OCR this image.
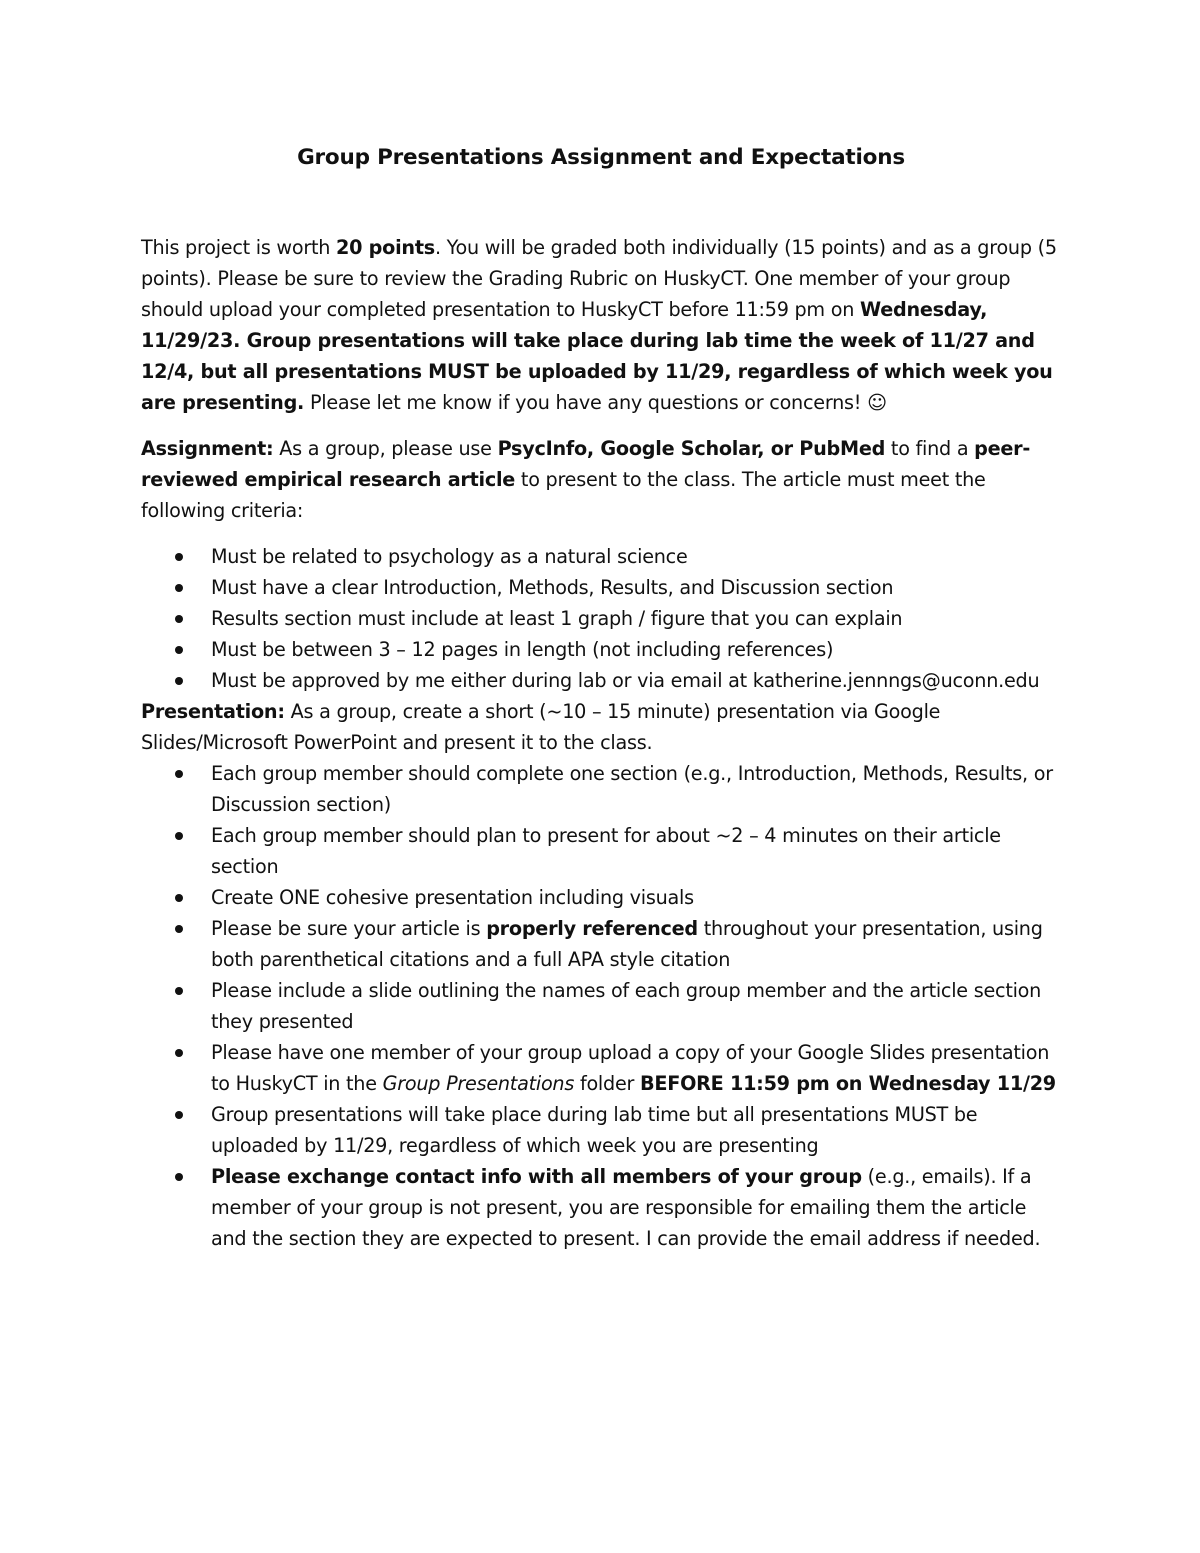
Group Presentations Assignment and Expectations

This project is worth 20 points. You will be graded both individually (15 points) and as a group (5 points). Please be sure to review the Grading Rubric on HuskyCT. One member of your group should upload your completed presentation to HuskyCT before 11:59 pm on Wednesday, 11/29/23. Group presentations will take place during lab time the week of 11/27 and 12/4, but all presentations MUST be uploaded by 11/29, regardless of which week you are presenting. Please let me know if you have any questions or concerns! ☺

Assignment: As a group, please use PsycInfo, Google Scholar, or PubMed to find a peer-reviewed empirical research article to present to the class. The article must meet the following criteria:

Must be related to psychology as a natural science
Must have a clear Introduction, Methods, Results, and Discussion section
Results section must include at least 1 graph / figure that you can explain
Must be between 3 – 12 pages in length (not including references)
Must be approved by me either during lab or via email at katherine.jennngs@uconn.edu

Presentation: As a group, create a short (~10 – 15 minute) presentation via Google Slides/Microsoft PowerPoint and present it to the class.

Each group member should complete one section (e.g., Introduction, Methods, Results, or Discussion section)
Each group member should plan to present for about ~2 – 4 minutes on their article section
Create ONE cohesive presentation including visuals
Please be sure your article is properly referenced throughout your presentation, using both parenthetical citations and a full APA style citation
Please include a slide outlining the names of each group member and the article section they presented
Please have one member of your group upload a copy of your Google Slides presentation to HuskyCT in the Group Presentations folder BEFORE 11:59 pm on Wednesday 11/29
Group presentations will take place during lab time but all presentations MUST be uploaded by 11/29, regardless of which week you are presenting
Please exchange contact info with all members of your group (e.g., emails). If a member of your group is not present, you are responsible for emailing them the article and the section they are expected to present. I can provide the email address if needed.
